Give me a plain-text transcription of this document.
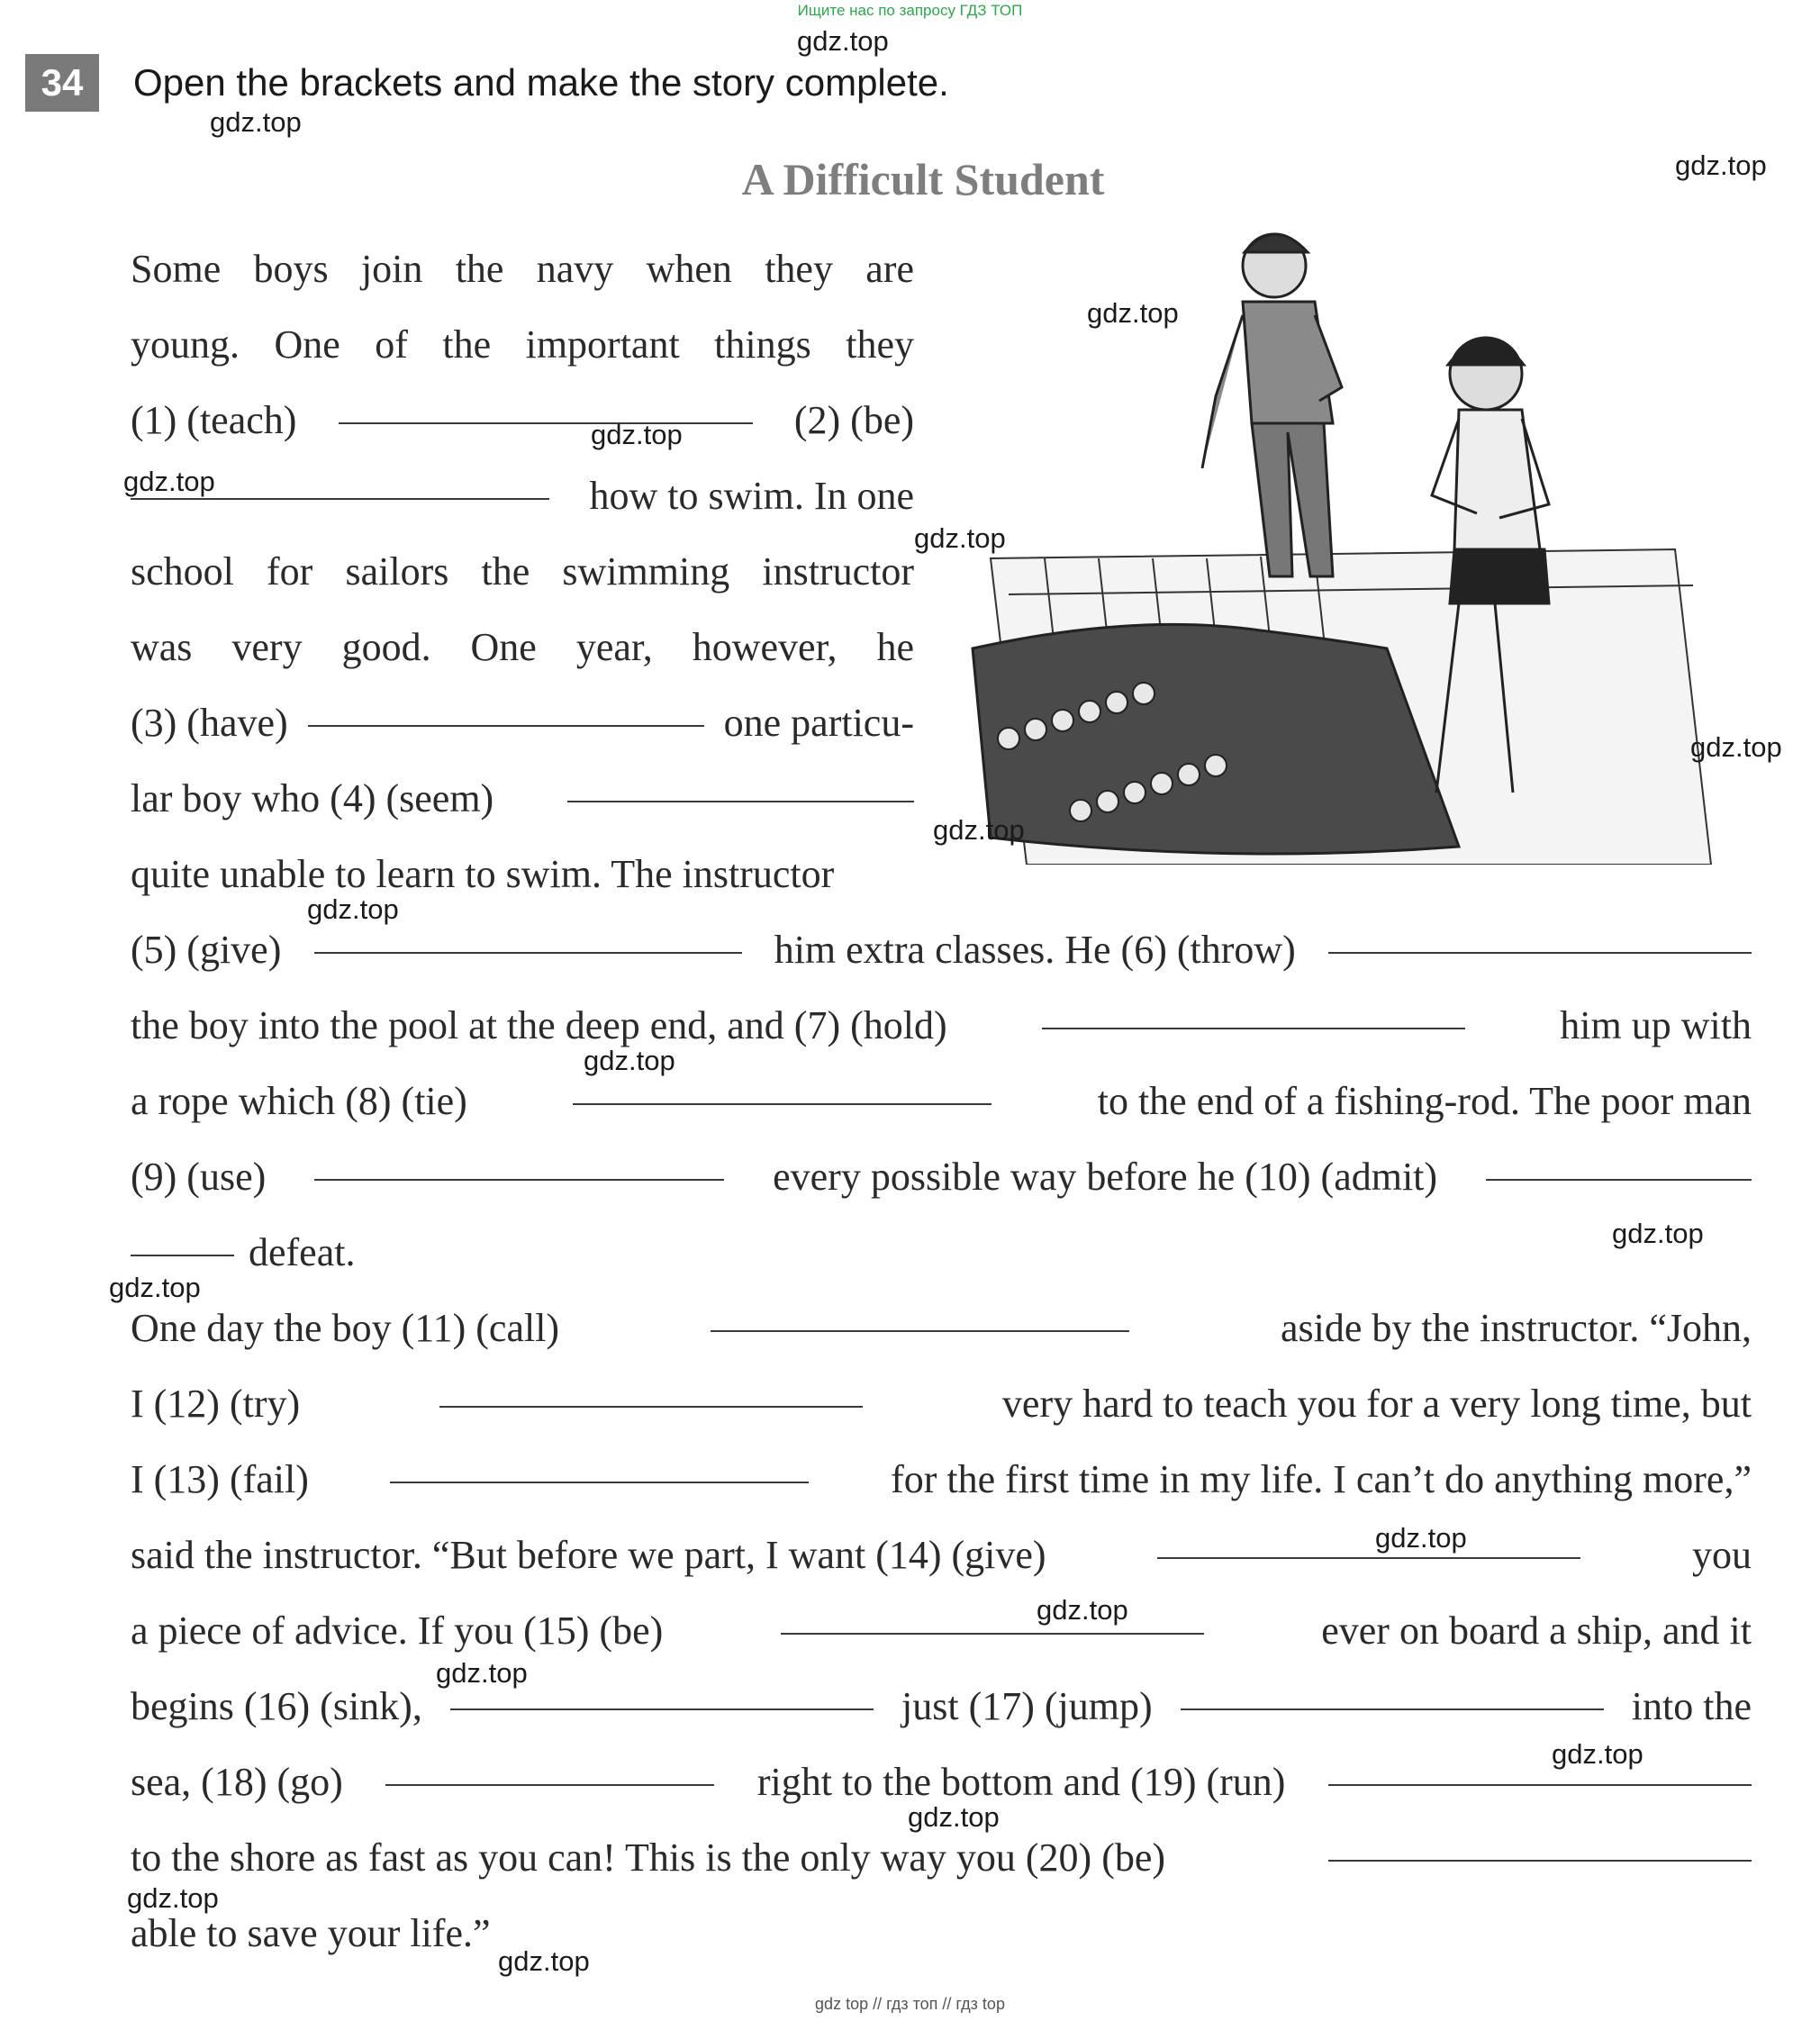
Ищите нас по запросу ГДЗ ТОП
34	Open the brackets and make the story complete.
A Difficult Student
Some boys join the navy when they are
young. One of the important things they
(1) (teach)	(2) (be)
how to swim. In one
school for sailors the swimming instructor
was very good. One year, however, he
(3) (have)	one particu-
lar boy who (4) (seem)
quite unable to learn to swim. The instructor
(5) (give)	him extra classes. He (6) (throw)
the boy into the pool at the deep end, and (7) (hold)	him up with
a rope which (8) (tie)	to the end of a fishing-rod. The poor man
(9) (use)	every possible way before he (10) (admit)
defeat.
One day the boy (11) (call)	aside by the instructor. “John,
I (12) (try)	very hard to teach you for a very long time, but
I (13) (fail)	for the first time in my life. I can’t do anything more,”
said the instructor. “But before we part, I want (14) (give)	you
a piece of advice. If you (15) (be)	ever on board a ship, and it
begins (16) (sink),	just (17) (jump)	into the
sea, (18) (go)	right to the bottom and (19) (run)
to the shore as fast as you can! This is the only way you (20) (be)
able to save your life.”
gdz.top
gdz.top
gdz.top
gdz.top
gdz.top
gdz.top
gdz.top
gdz.top
gdz.top
gdz.top
gdz.top
gdz.top
gdz.top
gdz.top
gdz.top
gdz.top
gdz.top
gdz.top
gdz.top
gdz.top
gdz top // гдз топ // гдз top
